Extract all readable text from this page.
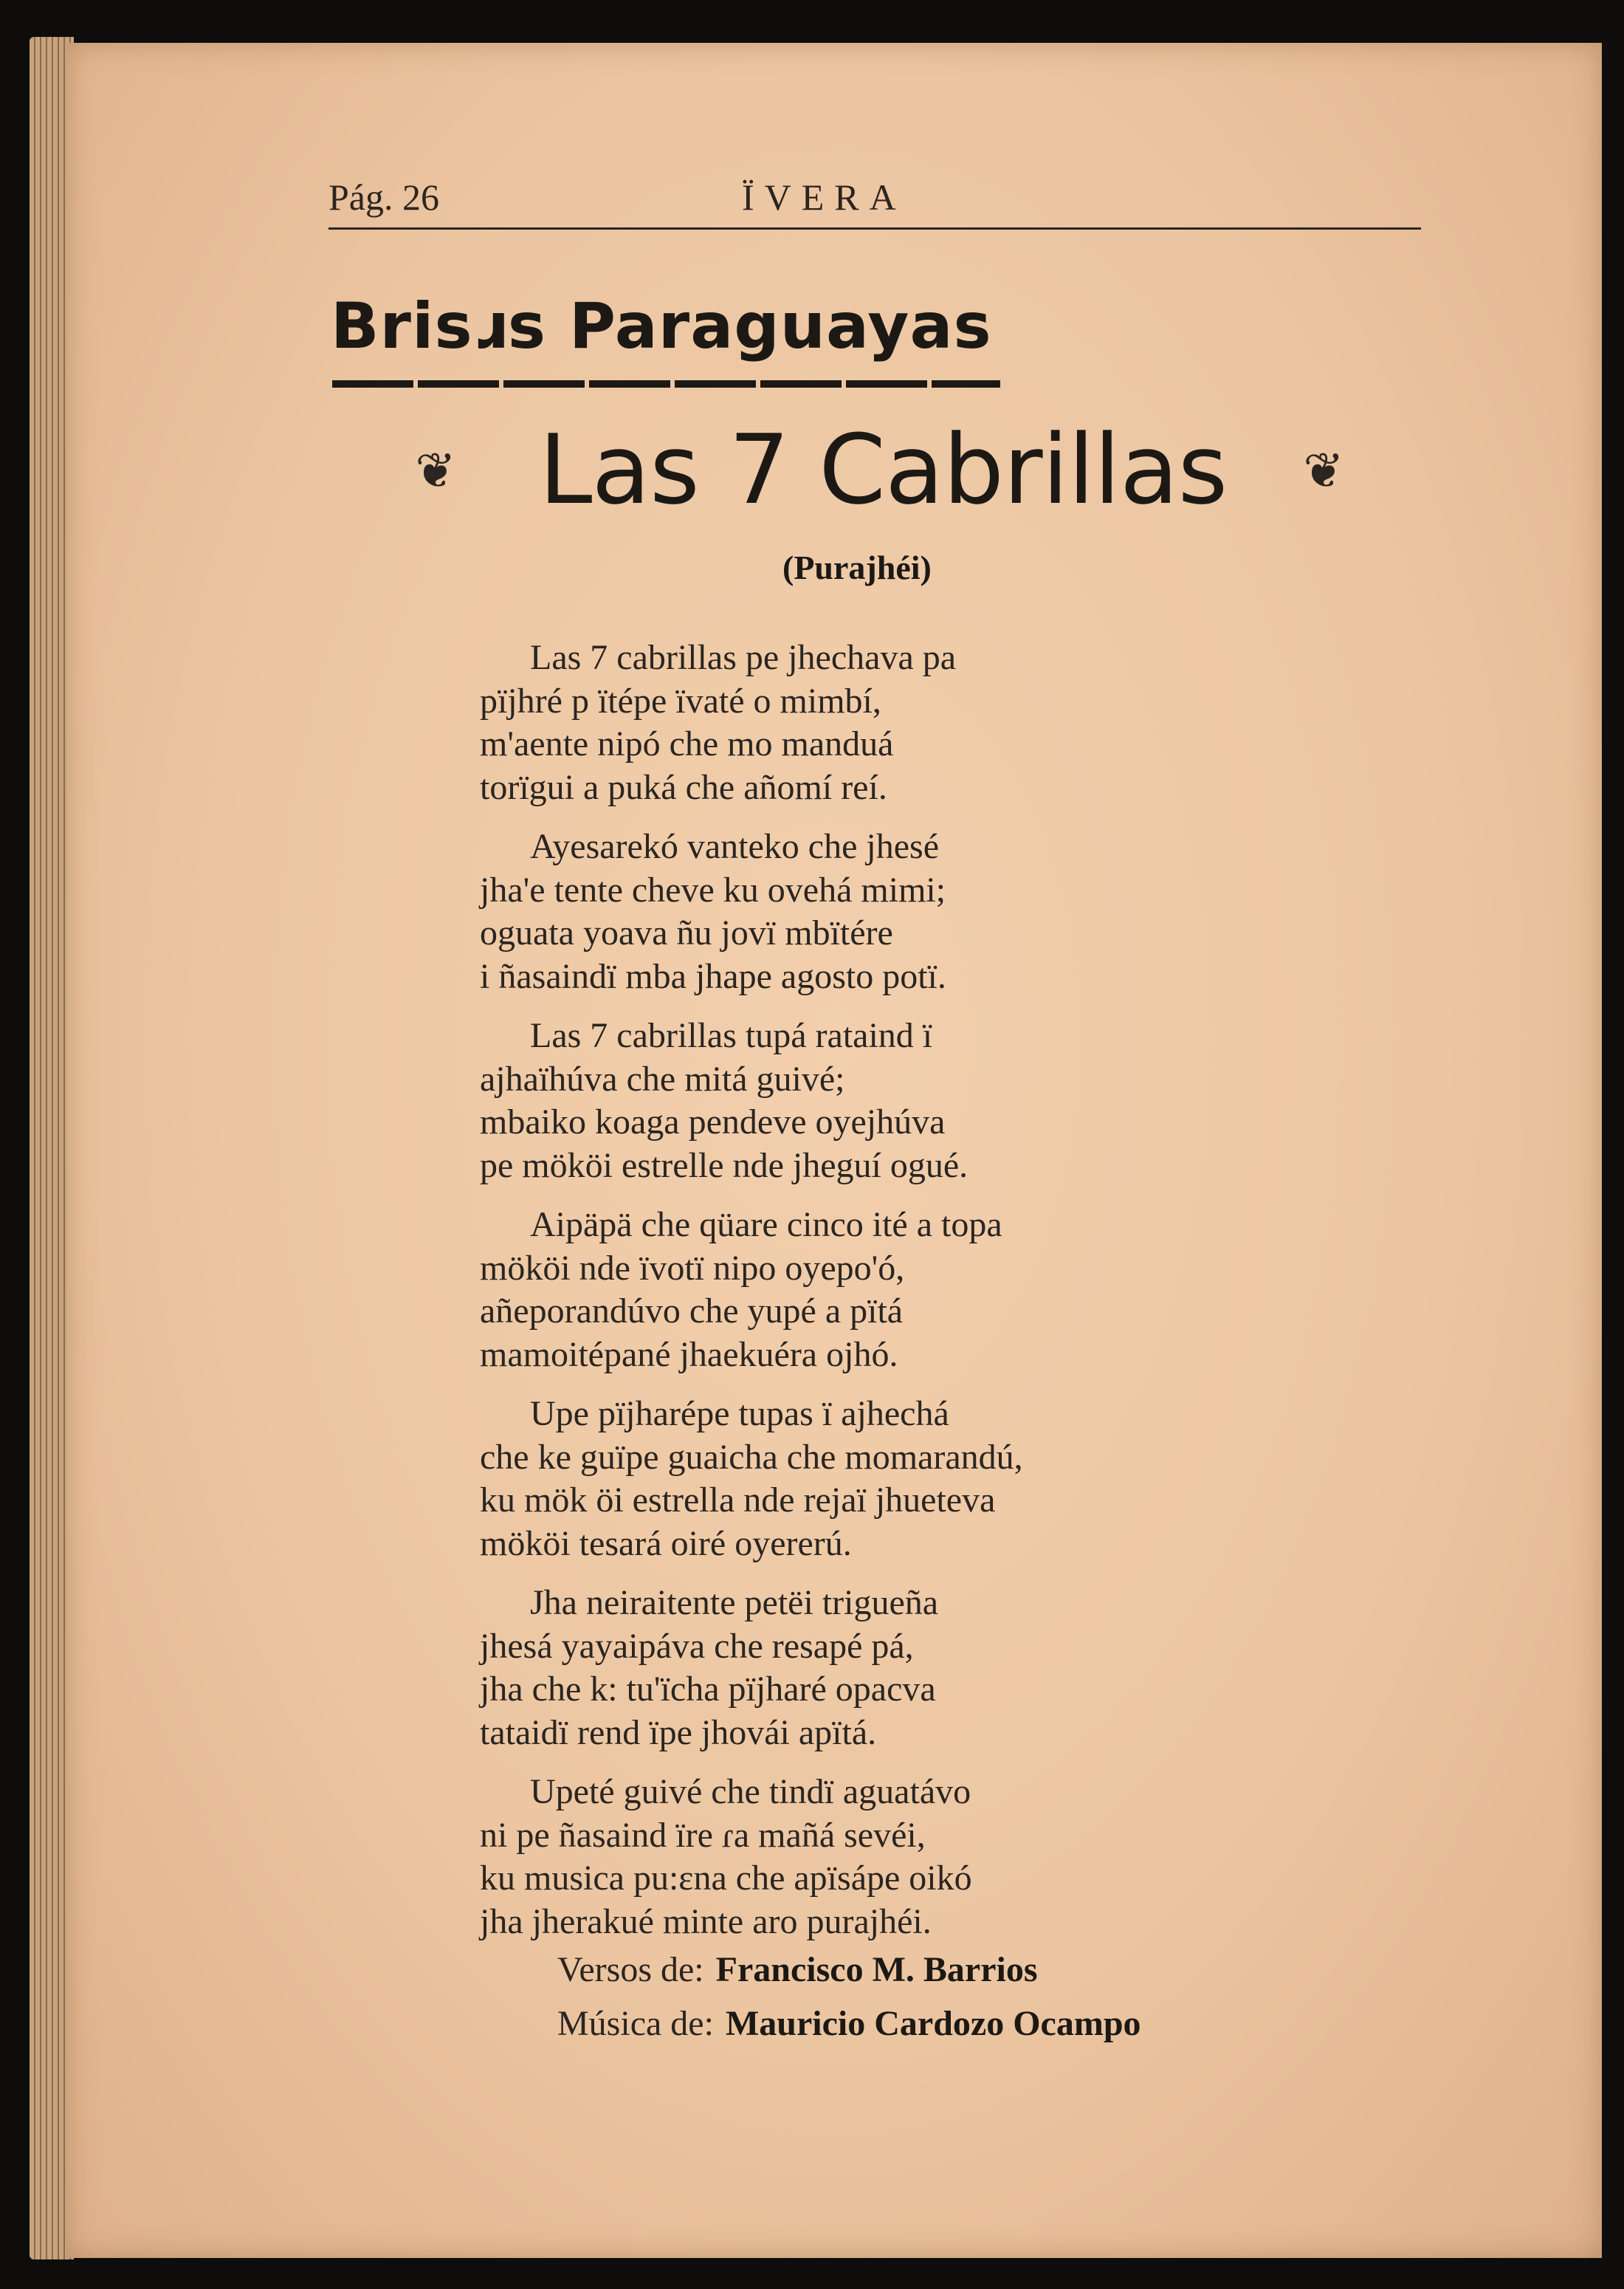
Pág. 26	ÏVERA
Brisɹs Paraguayas
❦ Las 7 Cabrillas	❦
(Purajhéi)
Las 7 cabrillas pe jhechava pa
pïjhré p ïtépe ïvaté o mimbí,
m'aente nipó che mo manduá
torïgui a puká che añomí reí.
Ayesarekó vanteko che jhesé
jha'e tente cheve ku ovehá mimi;
oguata yoava ñu jovï mbïtére
i ñasaindï mba jhape agosto potï.
Las 7 cabrillas tupá rataind ï
ajhaïhúva che mitá guivé;
mbaiko koaga pendeve oyejhúva
pe mököi estrelle nde jheguí ogué.
Aipäpä che qüare cinco ité a topa
mököi nde ïvotï nipo oyepo'ó,
añeporandúvo che yupé a pïtá
mamoitépané jhaekuéra ojhó.
Upe pïjharépe tupas ï ajhechá
che ke guïpe guaicha che momarandú,
ku mök öi estrella nde rejaï jhueteva
mököi tesará oiré oyererú.
Jha neiraitente petëi trigueña
jhesá yayaipáva che resapé pá,
jha che k: tu'ïcha pïjharé opacva
tataidï rend ïpe jhovái apïtá.
Upeté guivé che tindï aguatávo
ni pe ñasaind ïre ɾa mañá sevéi,
ku musica pu:ɛna che apïsápe oikó
jha jherakué minte aro purajhéi.
Versos de: Francisco M. Barrios
Música de: Mauricio Cardozo Ocampo
